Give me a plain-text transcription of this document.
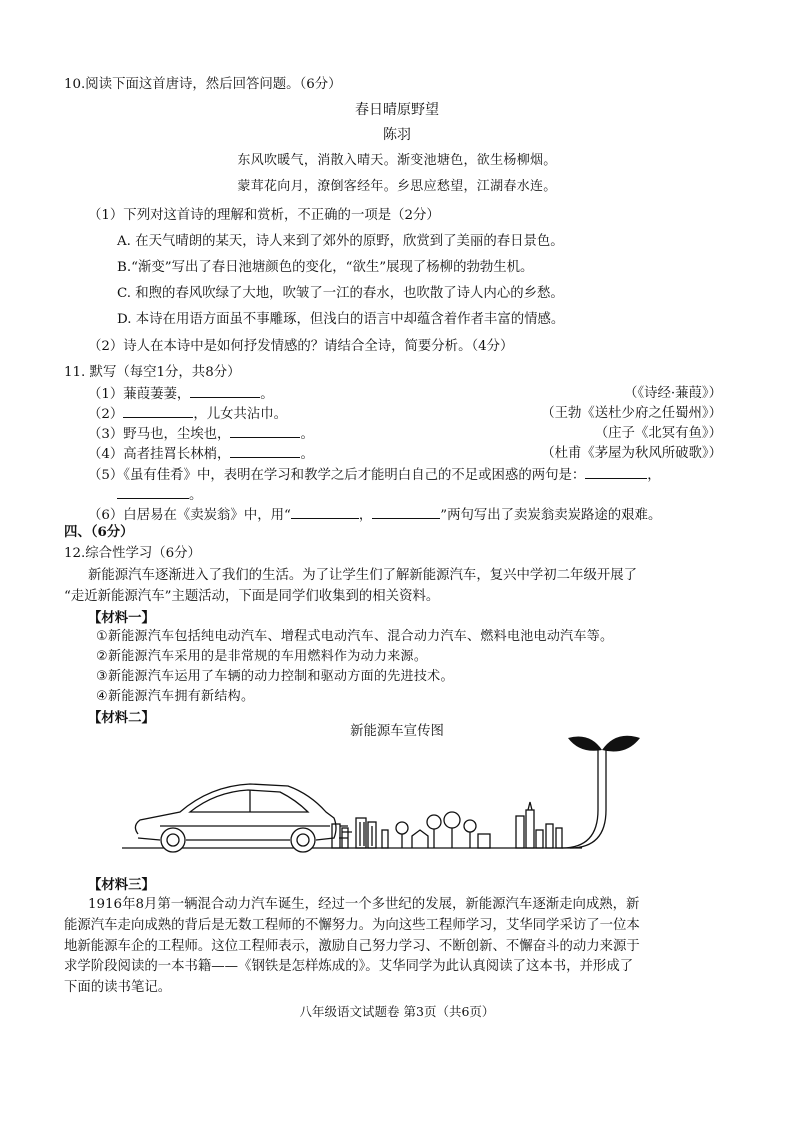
10.阅读下面这首唐诗，然后回答问题。（6分）
春日晴原野望
陈羽
东风吹暖气，消散入晴天。渐变池塘色，欲生杨柳烟。
蒙茸花向月，潦倒客经年。乡思应愁望，江湖春水连。
（1）下列对这首诗的理解和赏析，不正确的一项是（2分）
A. 在天气晴朗的某天，诗人来到了郊外的原野，欣赏到了美丽的春日景色。
B.“渐变”写出了春日池塘颜色的变化，“欲生”展现了杨柳的勃勃生机。
C. 和煦的春风吹绿了大地，吹皱了一江的春水，也吹散了诗人内心的乡愁。
D. 本诗在用语方面虽不事雕琢，但浅白的语言中却蕴含着作者丰富的情感。
（2）诗人在本诗中是如何抒发情感的？请结合全诗，简要分析。（4分）
11. 默写（每空1分，共8分）
（1）蒹葭萋萋，	。	（《诗经·蒹葭》）
（2）	，儿女共沾巾。	（王勃《送杜少府之任蜀州》）
（3）野马也，尘埃也，	。	（庄子《北冥有鱼》）
（4）高者挂罥长林梢，	。	（杜甫《茅屋为秋风所破歌》）
（5）《虽有佳肴》中，表明在学习和教学之后才能明白自己的不足或困惑的两句是：	，
。
（6）白居易在《卖炭翁》中，用“	，	”两句写出了卖炭翁卖炭路途的艰难。
四、（6分）
12.综合性学习（6分）
新能源汽车逐渐进入了我们的生活。为了让学生们了解新能源汽车，复兴中学初二年级开展了
“走近新能源汽车”主题活动，下面是同学们收集到的相关资料。
【材料一】
①新能源汽车包括纯电动汽车、增程式电动汽车、混合动力汽车、燃料电池电动汽车等。
②新能源汽车采用的是非常规的车用燃料作为动力来源。
③新能源汽车运用了车辆的动力控制和驱动方面的先进技术。
④新能源汽车拥有新结构。
【材料二】
新能源车宣传图
【材料三】
1916年8月第一辆混合动力汽车诞生，经过一个多世纪的发展，新能源汽车逐渐走向成熟，新
能源汽车走向成熟的背后是无数工程师的不懈努力。为向这些工程师学习，艾华同学采访了一位本
地新能源车企的工程师。这位工程师表示，激励自己努力学习、不断创新、不懈奋斗的动力来源于
求学阶段阅读的一本书籍——《钢铁是怎样炼成的》。艾华同学为此认真阅读了这本书，并形成了
下面的读书笔记。
八年级语文试题卷 第3页（共6页）
